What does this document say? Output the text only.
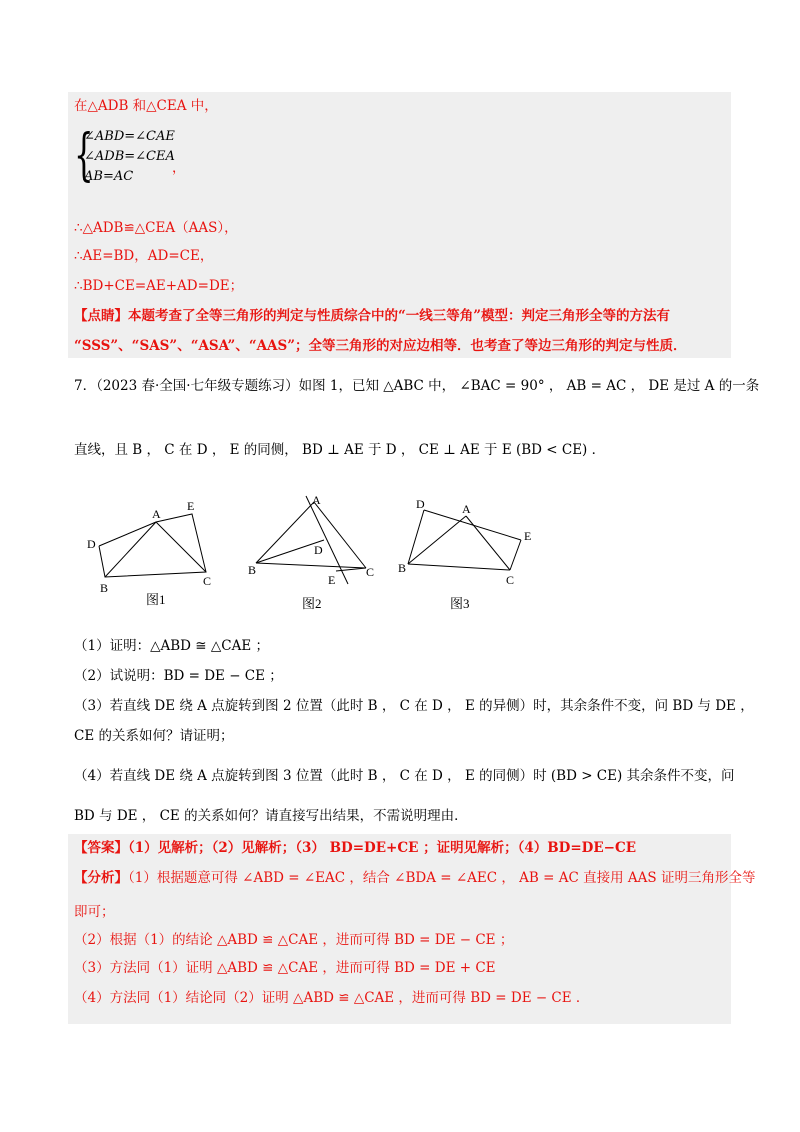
在△ADB 和△CEA 中，
{
∠ABD=∠CAE
∠ADB=∠CEA
AB=AC
，
∴△ADB≌△CEA（AAS），
∴AE=BD，AD=CE，
∴BD+CE=AE+AD=DE；
【点睛】本题考查了全等三角形的判定与性质综合中的“一线三等角”模型：判定三角形全等的方法有
“SSS”、“SAS”、“ASA”、“AAS”；全等三角形的对应边相等．也考查了等边三角形的判定与性质．
7．（2023 春·全国·七年级专题练习）如图 1，已知 △ABC 中， ∠BAC = 90° ， AB = AC ， DE 是过 A 的一条
直线，且 B ， C 在 D ， E 的同侧， BD ⊥ AE 于 D ， CE ⊥ AE 于 E (BD < CE) ．
D
B
A
E
C
图1
A
D
B
E
C
图2
D	A
E
B
C
图3
（1）证明：△ABD ≅ △CAE ；
（2）试说明：BD = DE − CE ；
（3）若直线 DE 绕 A 点旋转到图 2 位置（此时 B ， C 在 D ， E 的异侧）时，其余条件不变，问 BD 与 DE ，
CE 的关系如何？请证明；
（4）若直线 DE 绕 A 点旋转到图 3 位置（此时 B ， C 在 D ， E 的同侧）时 (BD > CE) 其余条件不变，问
BD 与 DE ， CE 的关系如何？请直接写出结果，不需说明理由．
【答案】（1）见解析；（2）见解析；（3） BD=DE+CE ；证明见解析；（4）BD=DE−CE
【分析】（1）根据题意可得 ∠ABD = ∠EAC ，结合 ∠BDA = ∠AEC ， AB = AC 直接用 AAS 证明三角形全等
即可；
（2）根据（1）的结论 △ABD ≌ △CAE ，进而可得 BD = DE − CE ；
（3）方法同（1）证明 △ABD ≌ △CAE ，进而可得 BD = DE + CE
（4）方法同（1）结论同（2）证明 △ABD ≌ △CAE ，进而可得 BD = DE − CE ．
